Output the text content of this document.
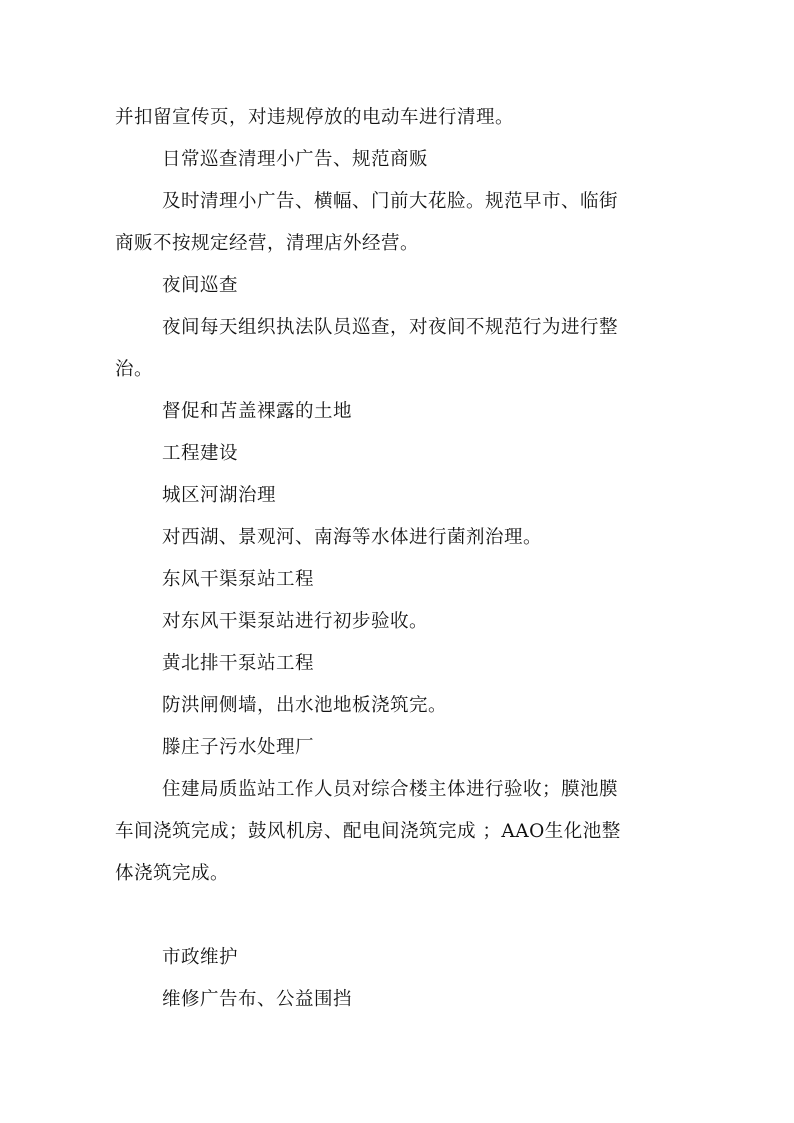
并扣留宣传页，对违规停放的电动车进行清理。
日常巡查清理小广告、规范商贩
及时清理小广告、横幅、门前大花脸。规范早市、临街
商贩不按规定经营，清理店外经营。
夜间巡查
夜间每天组织执法队员巡查，对夜间不规范行为进行整
治。
督促和苫盖裸露的土地
工程建设
城区河湖治理
对西湖、景观河、南海等水体进行菌剂治理。
东风干渠泵站工程
对东风干渠泵站进行初步验收。
黄北排干泵站工程
防洪闸侧墙，出水池地板浇筑完。
滕庄子污水处理厂
住建局质监站工作人员对综合楼主体进行验收；膜池膜
车间浇筑完成；鼓风机房、配电间浇筑完成 ；AAO生化池整
体浇筑完成。
市政维护
维修广告布、公益围挡
